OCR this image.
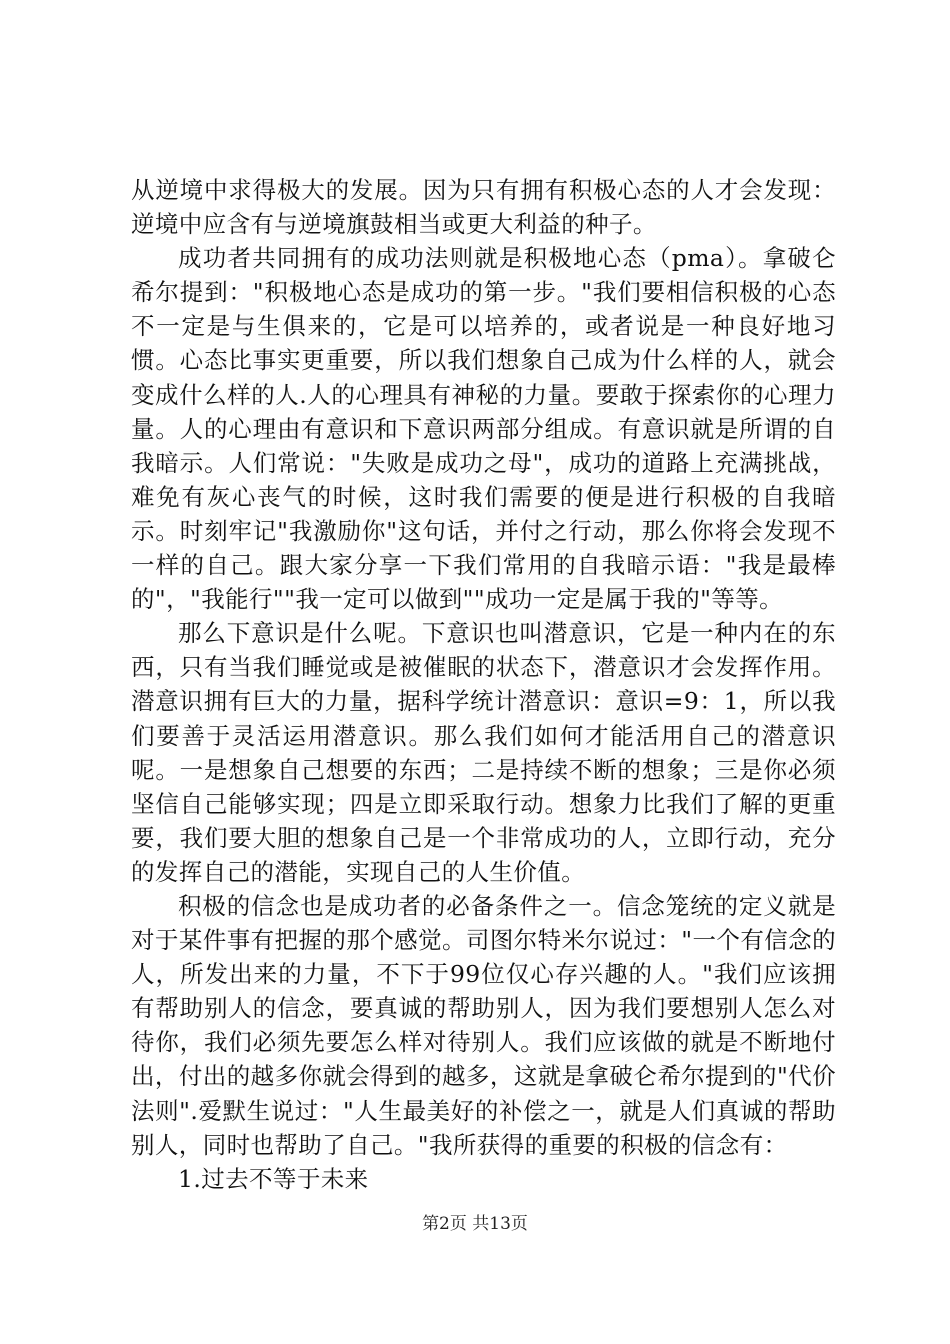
从逆境中求得极大的发展。因为只有拥有积极心态的人才会发现：逆境中应含有与逆境旗鼓相当或更大利益的种子。

成功者共同拥有的成功法则就是积极地心态（pma）。拿破仑希尔提到："积极地心态是成功的第一步。"我们要相信积极的心态不一定是与生俱来的，它是可以培养的，或者说是一种良好地习惯。心态比事实更重要，所以我们想象自己成为什么样的人，就会变成什么样的人.人的心理具有神秘的力量。要敢于探索你的心理力量。人的心理由有意识和下意识两部分组成。有意识就是所谓的自我暗示。人们常说："失败是成功之母"，成功的道路上充满挑战，难免有灰心丧气的时候，这时我们需要的便是进行积极的自我暗示。时刻牢记"我激励你"这句话，并付之行动，那么你将会发现不一样的自己。跟大家分享一下我们常用的自我暗示语："我是最棒的"，"我能行""我一定可以做到""成功一定是属于我的"等等。

那么下意识是什么呢。下意识也叫潜意识，它是一种内在的东西，只有当我们睡觉或是被催眠的状态下，潜意识才会发挥作用。潜意识拥有巨大的力量，据科学统计潜意识：意识=9：1，所以我们要善于灵活运用潜意识。那么我们如何才能活用自己的潜意识呢。一是想象自己想要的东西；二是持续不断的想象；三是你必须坚信自己能够实现；四是立即采取行动。想象力比我们了解的更重要，我们要大胆的想象自己是一个非常成功的人，立即行动，充分的发挥自己的潜能，实现自己的人生价值。

积极的信念也是成功者的必备条件之一。信念笼统的定义就是对于某件事有把握的那个感觉。司图尔特米尔说过："一个有信念的人，所发出来的力量，不下于99位仅心存兴趣的人。"我们应该拥有帮助别人的信念，要真诚的帮助别人，因为我们要想别人怎么对待你，我们必须先要怎么样对待别人。我们应该做的就是不断地付出，付出的越多你就会得到的越多，这就是拿破仑希尔提到的"代价法则".爱默生说过："人生最美好的补偿之一，就是人们真诚的帮助别人，同时也帮助了自己。"我所获得的重要的积极的信念有：

1.过去不等于未来

第2页 共13页
